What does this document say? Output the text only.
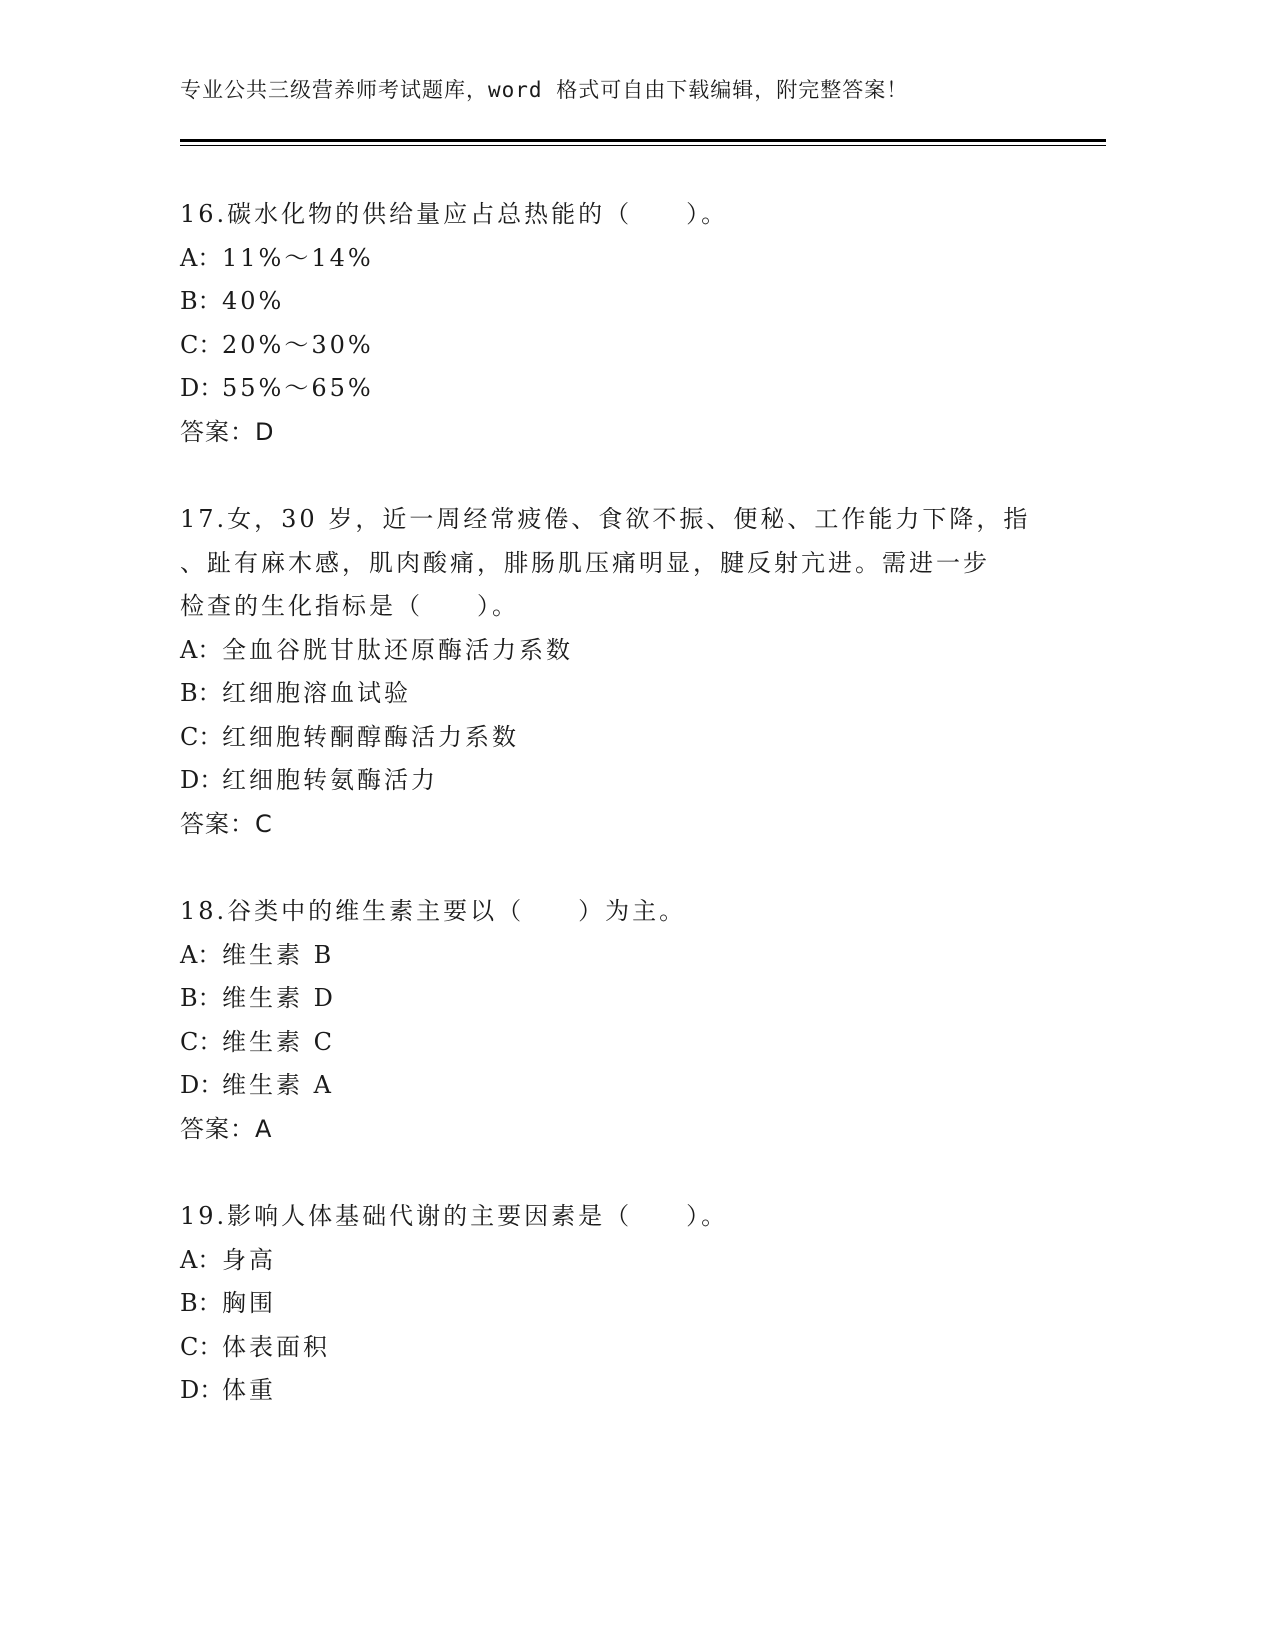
专业公共三级营养师考试题库，word 格式可自由下载编辑，附完整答案！
16.碳水化物的供给量应占总热能的（　　）。
A：11%～14%
B：40%
C：20%～30%
D：55%～65%
答案：D
17.女，30 岁，近一周经常疲倦、食欲不振、便秘、工作能力下降，指
、趾有麻木感，肌肉酸痛，腓肠肌压痛明显，腱反射亢进。需进一步
检查的生化指标是（　　）。
A：全血谷胱甘肽还原酶活力系数
B：红细胞溶血试验
C：红细胞转酮醇酶活力系数
D：红细胞转氨酶活力
答案：C
18.谷类中的维生素主要以（　　）为主。
A：维生素 B
B：维生素 D
C：维生素 C
D：维生素 A
答案：A
19.影响人体基础代谢的主要因素是（　　）。
A：身高
B：胸围
C：体表面积
D：体重
